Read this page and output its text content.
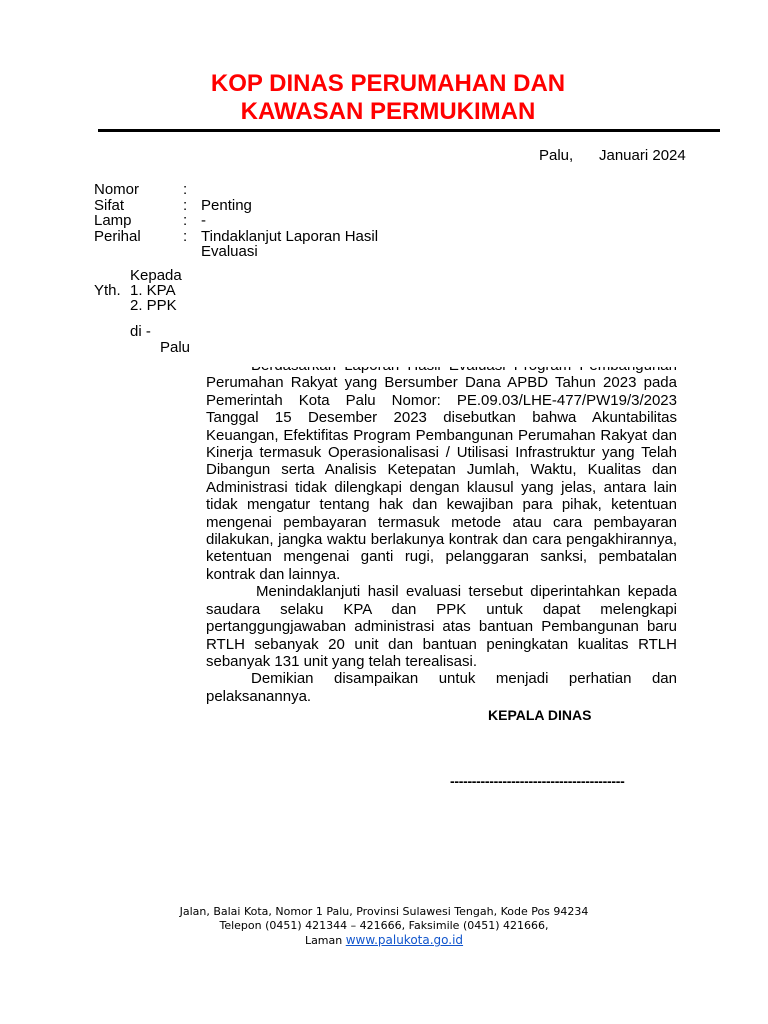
KOP DINAS PERUMAHAN DAN
KAWASAN PERMUKIMAN
Palu, Januari 2024
Nomor	:
Sifat	: Penting
Lamp	: -
Perihal	: Tindaklanjut Laporan Hasil
Evaluasi
Kepada
Yth. 1. KPA
2. PPK
di -
Palu

Perumahan Rakyat yang Bersumber Dana APBD Tahun 2023 pada Pemerintah Kota Palu Nomor: PE.09.03/LHE-477/PW19/3/2023 Tanggal 15 Desember 2023 disebutkan bahwa Akuntabilitas Keuangan, Efektifitas Program Pembangunan Perumahan Rakyat dan Kinerja termasuk Operasionalisasi / Utilisasi Infrastruktur yang Telah Dibangun serta Analisis Ketepatan Jumlah, Waktu, Kualitas dan Administrasi tidak dilengkapi dengan klausul yang jelas, antara lain tidak mengatur tentang hak dan kewajiban para pihak, ketentuan mengenai pembayaran termasuk metode atau cara pembayaran dilakukan, jangka waktu berlakunya kontrak dan cara pengakhirannya, ketentuan mengenai ganti rugi, pelanggaran sanksi, pembatalan kontrak dan lainnya.

Menindaklanjuti hasil evaluasi tersebut diperintahkan kepada saudara selaku KPA dan PPK untuk dapat melengkapi pertanggungjawaban administrasi atas bantuan Pembangunan baru RTLH sebanyak 20 unit dan bantuan peningkatan kualitas RTLH sebanyak 131 unit yang telah terealisasi.

Demikian disampaikan untuk menjadi perhatian dan pelaksanannya.

KEPALA DINAS
----------------------------------------
Jalan, Balai Kota, Nomor 1 Palu, Provinsi Sulawesi Tengah, Kode Pos 94234
Telepon (0451) 421344 – 421666, Faksimile (0451) 421666,
Laman www.palukota.go.id
